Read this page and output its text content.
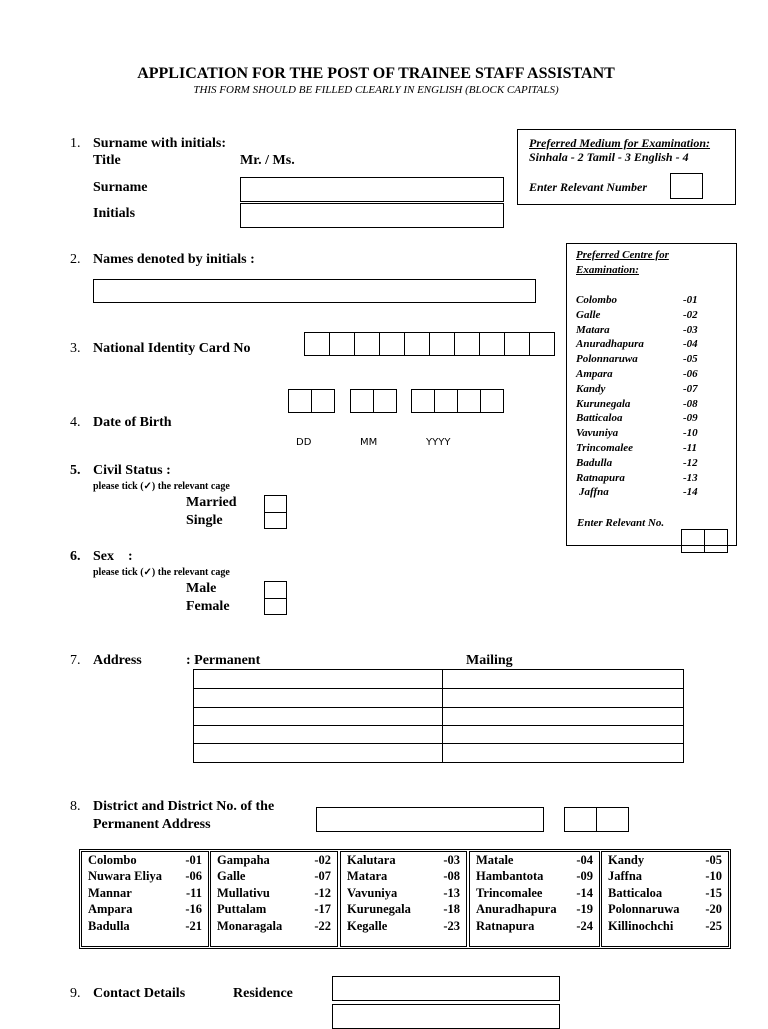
APPLICATION FOR THE POST OF TRAINEE STAFF ASSISTANT
THIS FORM SHOULD BE FILLED CLEARLY IN ENGLISH (BLOCK CAPITALS)
1. Surname with initials:
Title	Mr. / Ms.
Surname
Initials
Preferred Medium for Examination:
Sinhala - 2 Tamil - 3 English - 4
Enter Relevant Number
Preferred Centre for
Examination:
Colombo	-01
Galle	-02
Matara	-03
Anuradhapura	-04
Polonnaruwa	-05
Ampara	-06
Kandy	-07
Kurunegala	-08
Batticaloa	-09
Vavuniya	-10
Trincomalee	-11
Badulla	-12
Ratnapura	-13
Jaffna	-14
Enter Relevant No.
2. Names denoted by initials :
3. National Identity Card No
4. Date of Birth
DD	MM	YYYY
5. Civil Status :
please tick (✓) the relevant cage
Married
Single
6. Sex    :
please tick (✓) the relevant cage
Male
Female
7. Address	: Permanent	Mailing
8. District and District No. of the
Permanent Address
Colombo	-01
Nuwara Eliya -06
Mannar	-11
Ampara	-16
Badulla	-21
Gampaha	-02
Galle	-07
Mullativu	-12
Puttalam	-17
Monaragala	-22
Kalutara	-03
Matara	-08
Vavuniya	-13
Kurunegala	-18
Kegalle	-23
Matale	-04
Hambantota	-09
Trincomalee	-14
Anuradhapura -19
Ratnapura	-24
Kandy	-05
Jaffna	-10
Batticaloa	-15
Polonnaruwa -20
Killinochchi	-25
9. Contact Details	Residence
